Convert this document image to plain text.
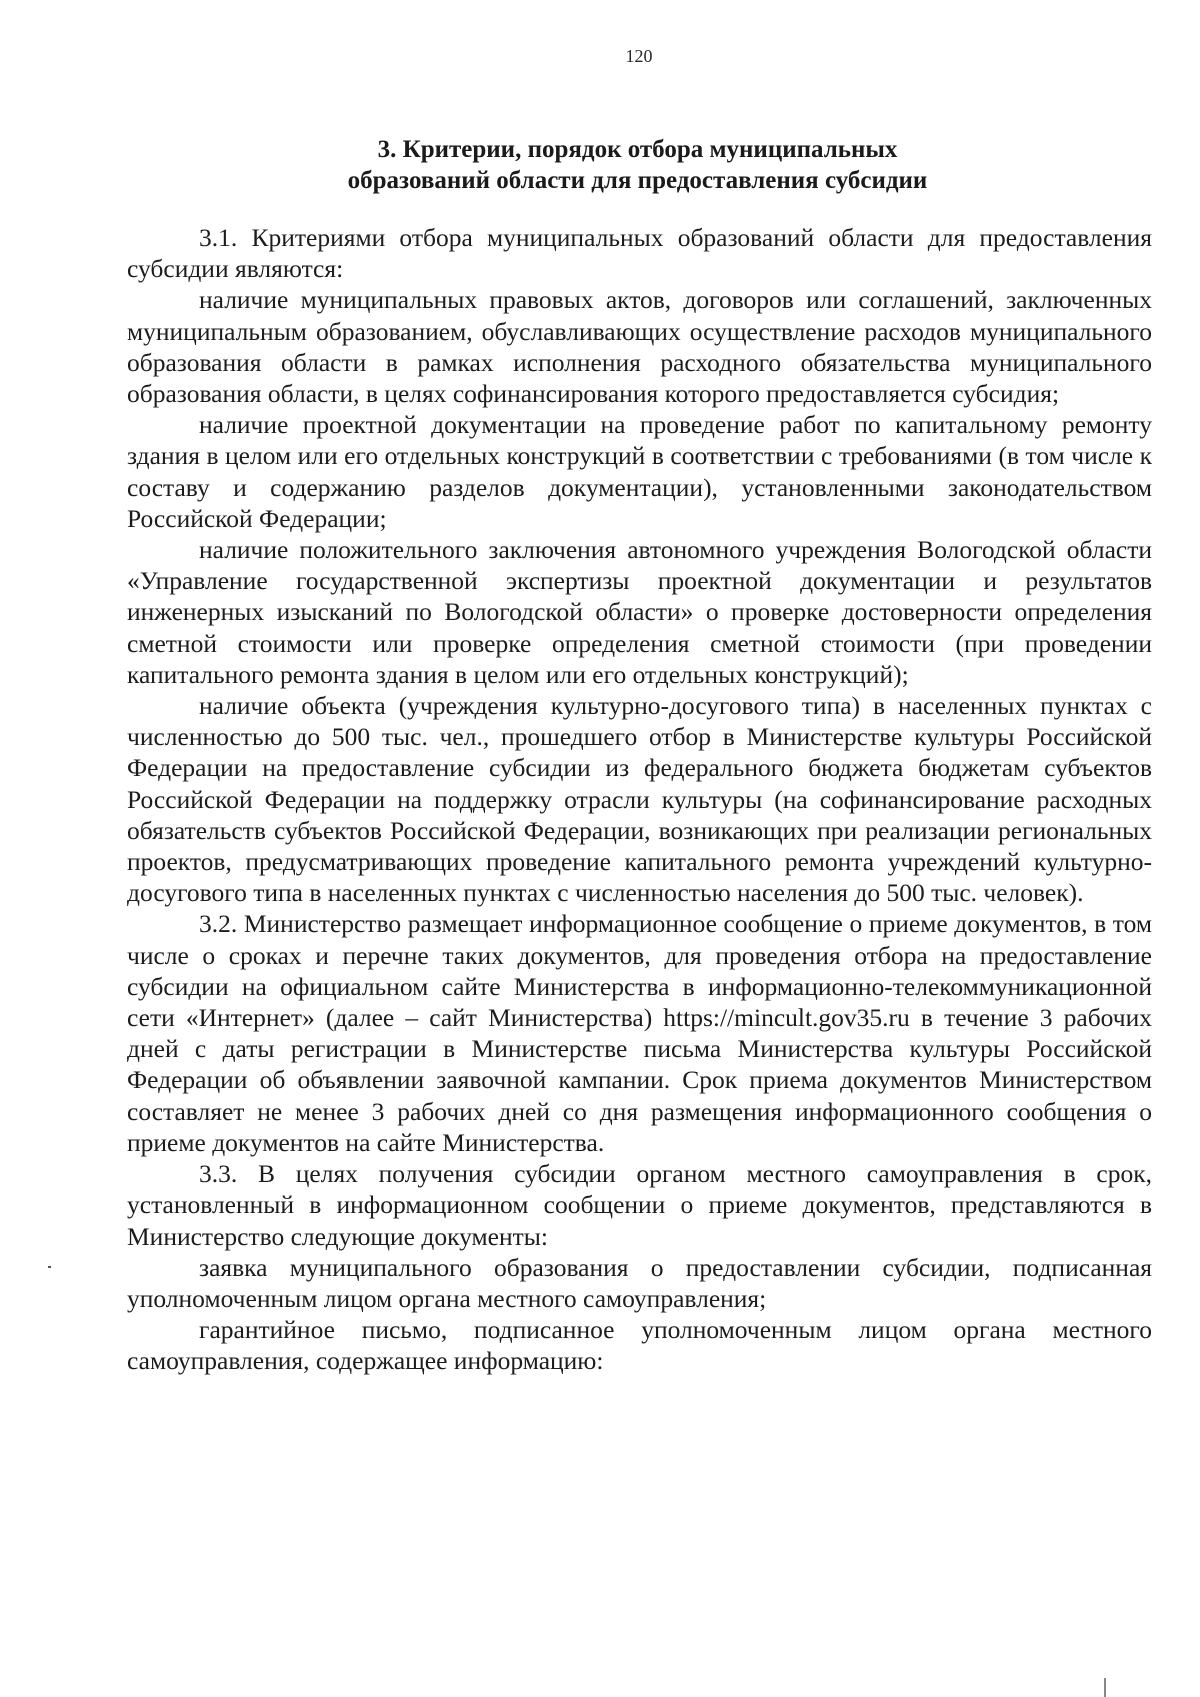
120
3. Критерии, порядок отбора муниципальных
образований области для предоставления субсидии

3.1. Критериями отбора муниципальных образований области для предоставления субсидии являются:

наличие муниципальных правовых актов, договоров или соглашений, заключенных муниципальным образованием, обуславливающих осуществление расходов муниципального образования области в рамках исполнения расходного обязательства муниципального образования области, в целях софинансирования которого предоставляется субсидия;

наличие проектной документации на проведение работ по капитальному ремонту здания в целом или его отдельных конструкций в соответствии с требованиями (в том числе к составу и содержанию разделов документации), установленными законодательством Российской Федерации;

наличие положительного заключения автономного учреждения Вологодской области «Управление государственной экспертизы проектной документации и результатов инженерных изысканий по Вологодской области» о проверке достоверности определения сметной стоимости или проверке определения сметной стоимости (при проведении капитального ремонта здания в целом или его отдельных конструкций);

наличие объекта (учреждения культурно-досугового типа) в населенных пунктах с численностью до 500 тыс. чел., прошедшего отбор в Министерстве культуры Российской Федерации на предоставление субсидии из федерального бюджета бюджетам субъектов Российской Федерации на поддержку отрасли культуры (на софинансирование расходных обязательств субъектов Российской Федерации, возникающих при реализации региональных проектов, предусматривающих проведение капитального ремонта учреждений культурно-досугового типа в населенных пунктах с численностью населения до 500 тыс. человек).

3.2. Министерство размещает информационное сообщение о приеме документов, в том числе о сроках и перечне таких документов, для проведения отбора на предоставление субсидии на официальном сайте Министерства в информационно-телекоммуникационной сети «Интернет» (далее – сайт Министерства) https://mincult.gov35.ru в течение 3 рабочих дней с даты регистрации в Министерстве письма Министерства культуры Российской Федерации об объявлении заявочной кампании. Срок приема документов Министерством составляет не менее 3 рабочих дней со дня размещения информационного сообщения о приеме документов на сайте Министерства.

3.3. В целях получения субсидии органом местного самоуправления в срок, установленный в информационном сообщении о приеме документов, представляются в Министерство следующие документы:

заявка муниципального образования о предоставлении субсидии, подписанная уполномоченным лицом органа местного самоуправления;

гарантийное письмо, подписанное уполномоченным лицом органа местного самоуправления, содержащее информацию:
